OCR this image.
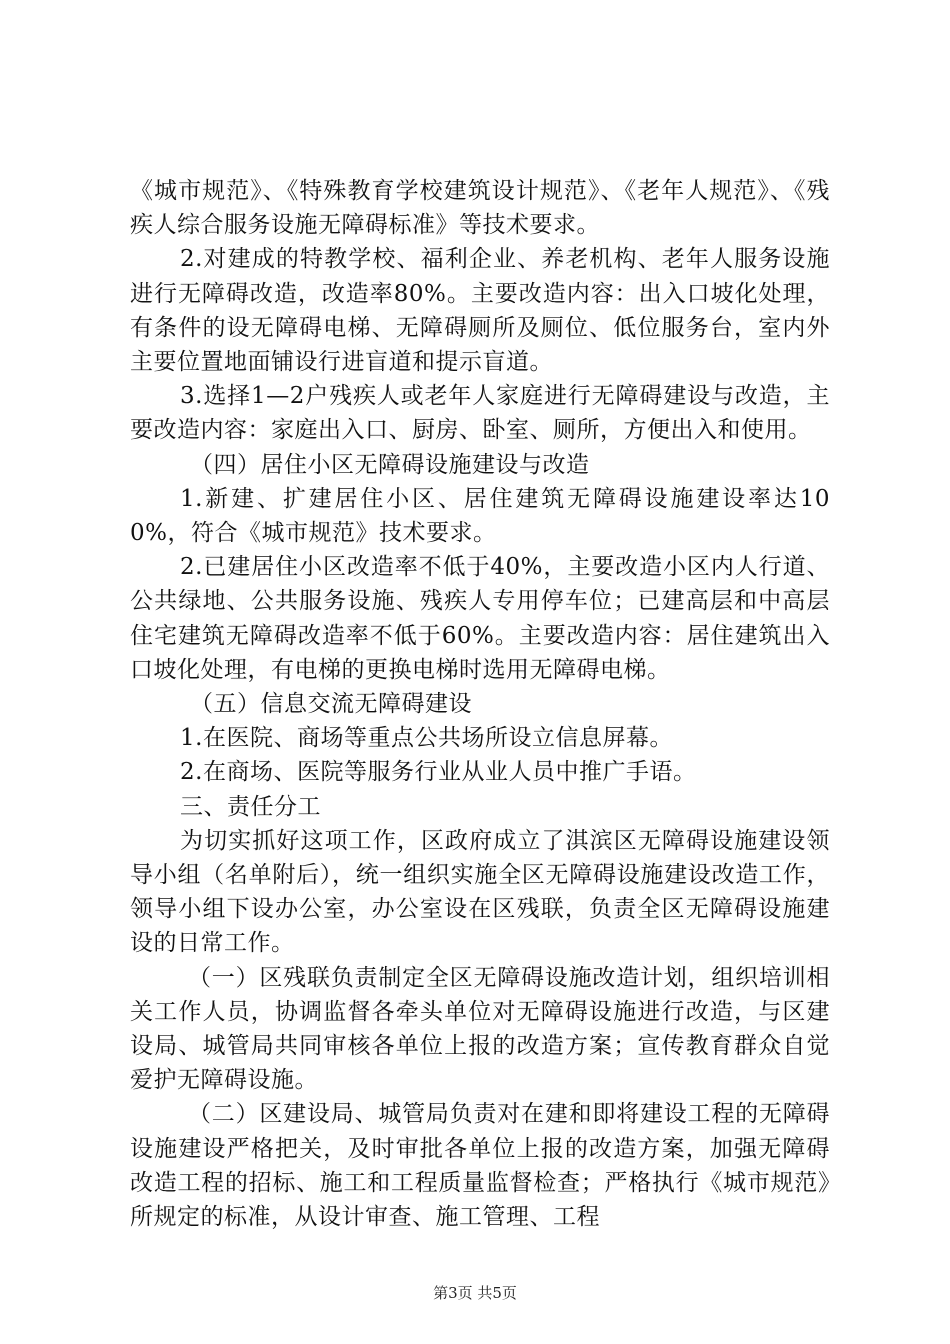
《城市规范》、《特殊教育学校建筑设计规范》、《老年人规范》、《残疾人综合服务设施无障碍标准》等技术要求。

2.对建成的特教学校、福利企业、养老机构、老年人服务设施进行无障碍改造，改造率80%。主要改造内容：出入口坡化处理，有条件的设无障碍电梯、无障碍厕所及厕位、低位服务台，室内外主要位置地面铺设行进盲道和提示盲道。

3.选择1—2户残疾人或老年人家庭进行无障碍建设与改造，主要改造内容：家庭出入口、厨房、卧室、厕所，方便出入和使用。

（四）居住小区无障碍设施建设与改造

1.新建、扩建居住小区、居住建筑无障碍设施建设率达100%，符合《城市规范》技术要求。

2.已建居住小区改造率不低于40%，主要改造小区内人行道、公共绿地、公共服务设施、残疾人专用停车位；已建高层和中高层住宅建筑无障碍改造率不低于60%。主要改造内容：居住建筑出入口坡化处理，有电梯的更换电梯时选用无障碍电梯。

（五）信息交流无障碍建设

1.在医院、商场等重点公共场所设立信息屏幕。

2.在商场、医院等服务行业从业人员中推广手语。

三、责任分工

为切实抓好这项工作，区政府成立了淇滨区无障碍设施建设领导小组（名单附后），统一组织实施全区无障碍设施建设改造工作，领导小组下设办公室，办公室设在区残联，负责全区无障碍设施建设的日常工作。

（一）区残联负责制定全区无障碍设施改造计划，组织培训相关工作人员，协调监督各牵头单位对无障碍设施进行改造，与区建设局、城管局共同审核各单位上报的改造方案；宣传教育群众自觉爱护无障碍设施。

（二）区建设局、城管局负责对在建和即将建设工程的无障碍设施建设严格把关，及时审批各单位上报的改造方案，加强无障碍改造工程的招标、施工和工程质量监督检查；严格执行《城市规范》所规定的标准，从设计审查、施工管理、工程

第3页 共5页
